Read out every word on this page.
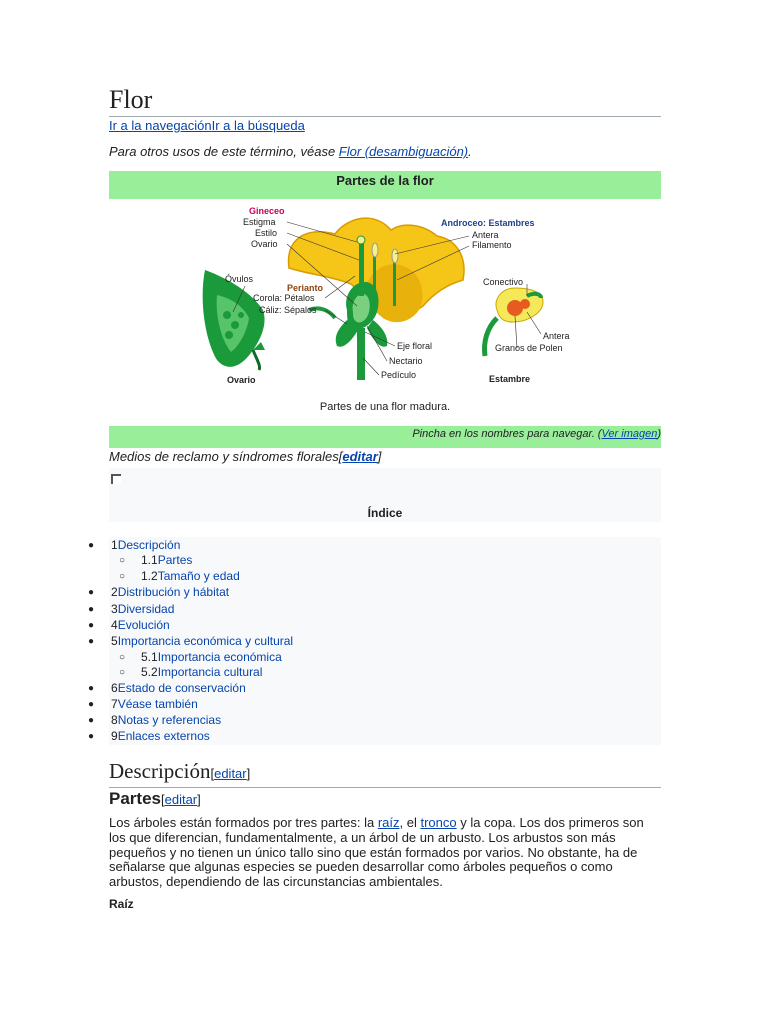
Flor
Ir a la navegaciónIr a la búsqueda
Para otros usos de este término, véase Flor (desambiguación).
Partes de la flor
Gineceo
Estigma
Estilo
Ovario
Androceo: Estambres
Antera
Filamento
Óvulos
Perianto
Corola: Pétalos
Cáliz: Sépalos
Conectivo
Antera
Granos de Polen
Eje floral
Nectario
Pedículo
Ovario	Estambre
Partes de una flor madura.
Pincha en los nombres para navegar. (Ver imagen)
Medios de reclamo y síndromes florales[editar]
Índice
● 1Descripción
○ 1.1Partes
○ 1.2Tamaño y edad
● 2Distribución y hábitat
● 3Diversidad
● 4Evolución
● 5Importancia económica y cultural
○ 5.1Importancia económica
○ 5.2Importancia cultural
● 6Estado de conservación
● 7Véase también
● 8Notas y referencias
● 9Enlaces externos
Descripción[editar]
Partes[editar]
Los árboles están formados por tres partes: la raíz, el tronco y la copa. Los dos primeros son los que diferencian, fundamentalmente, a un árbol de un arbusto. Los arbustos son más pequeños y no tienen un único tallo sino que están formados por varios. No obstante, ha de señalarse que algunas especies se pueden desarrollar como árboles pequeños o como arbustos, dependiendo de las circunstancias ambientales.
Raíz
